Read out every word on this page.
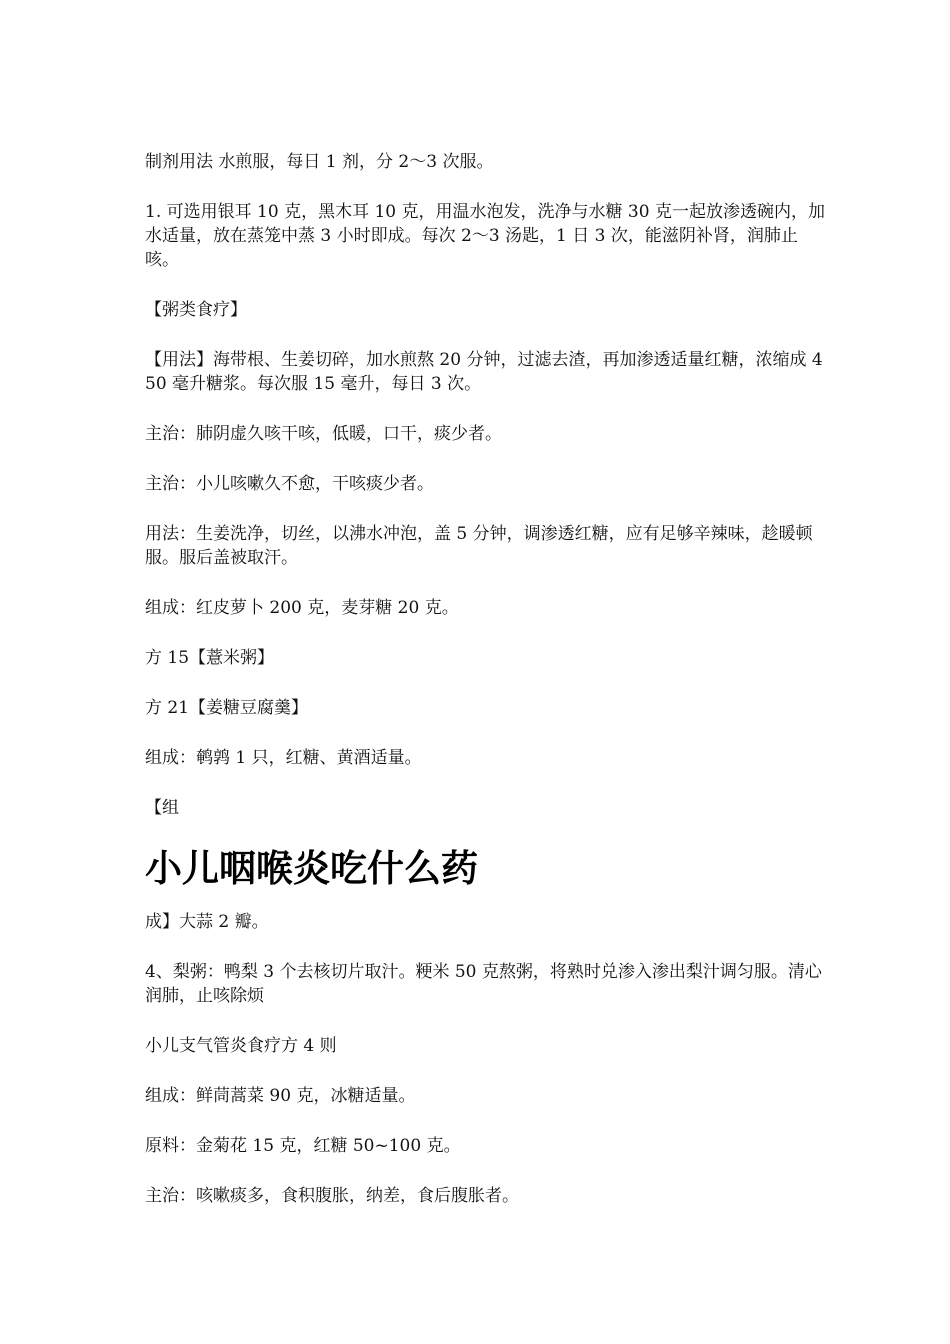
制剂用法 水煎服，每日 1 剂，分 2～3 次服。

1. 可选用银耳 10 克，黑木耳 10 克，用温水泡发，洗净与水糖 30 克一起放渗透碗内，加水适量，放在蒸笼中蒸 3 小时即成。每次 2～3 汤匙，1 日 3 次，能滋阴补肾，润肺止咳。

【粥类食疗】

【用法】海带根、生姜切碎，加水煎熬 20 分钟，过滤去渣，再加渗透适量红糖，浓缩成 450 毫升糖浆。每次服 15 毫升，每日 3 次。

主治：肺阴虚久咳干咳，低暖，口干，痰少者。

主治：小儿咳嗽久不愈，干咳痰少者。

用法：生姜洗净，切丝，以沸水冲泡，盖 5 分钟，调渗透红糖，应有足够辛辣味，趁暖顿服。服后盖被取汗。

组成：红皮萝卜 200 克，麦芽糖 20 克。

方 15【薏米粥】

方 21【姜糖豆腐羹】

组成：鹌鹑 1 只，红糖、黄酒适量。

【组

小儿咽喉炎吃什么药

成】大蒜 2 瓣。

4、梨粥：鸭梨 3 个去核切片取汁。粳米 50 克熬粥，将熟时兑渗入渗出梨汁调匀服。清心润肺，止咳除烦

小儿支气管炎食疗方 4 则

组成：鲜茼蒿菜 90 克，冰糖适量。

原料：金菊花 15 克，红糖 50~100 克。

主治：咳嗽痰多，食积腹胀，纳差，食后腹胀者。
